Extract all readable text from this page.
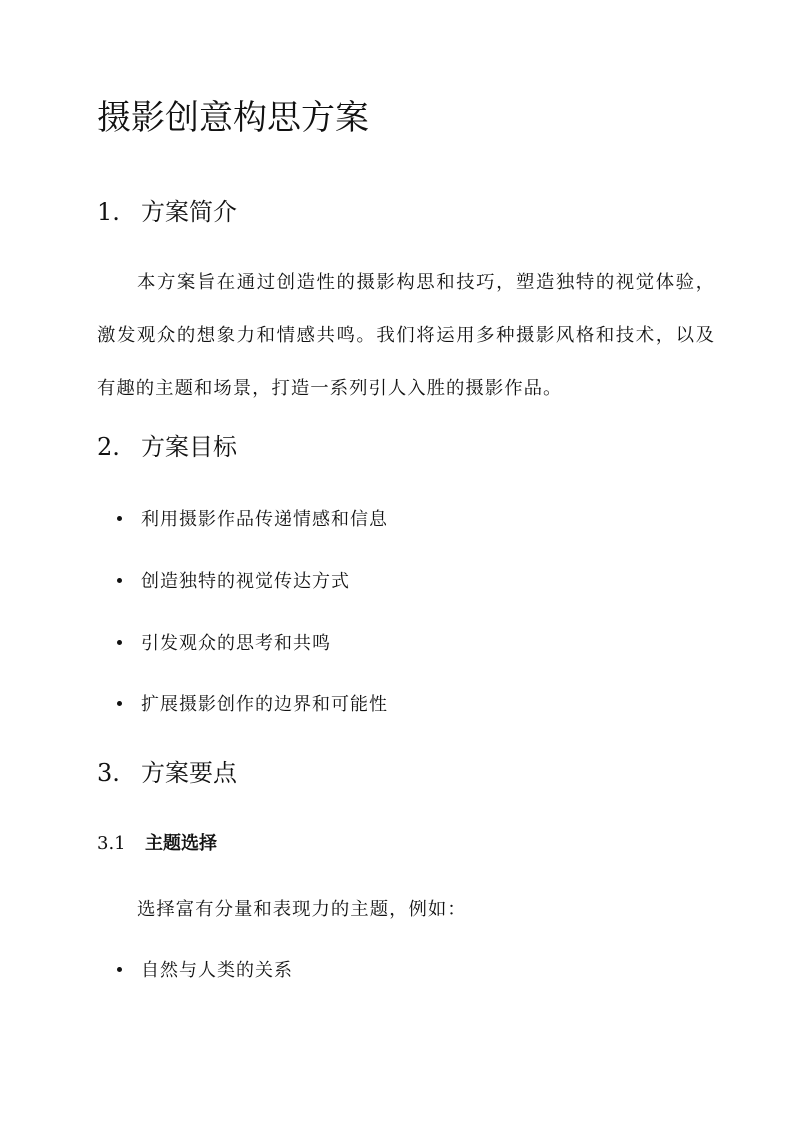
摄影创意构思方案
1. 方案简介

本方案旨在通过创造性的摄影构思和技巧，塑造独特的视觉体验，激发观众的想象力和情感共鸣。我们将运用多种摄影风格和技术，以及有趣的主题和场景，打造一系列引人入胜的摄影作品。

2. 方案目标
利用摄影作品传递情感和信息
创造独特的视觉传达方式
引发观众的思考和共鸣
扩展摄影创作的边界和可能性
3. 方案要点
3.1 主题选择

选择富有分量和表现力的主题，例如：

自然与人类的关系
